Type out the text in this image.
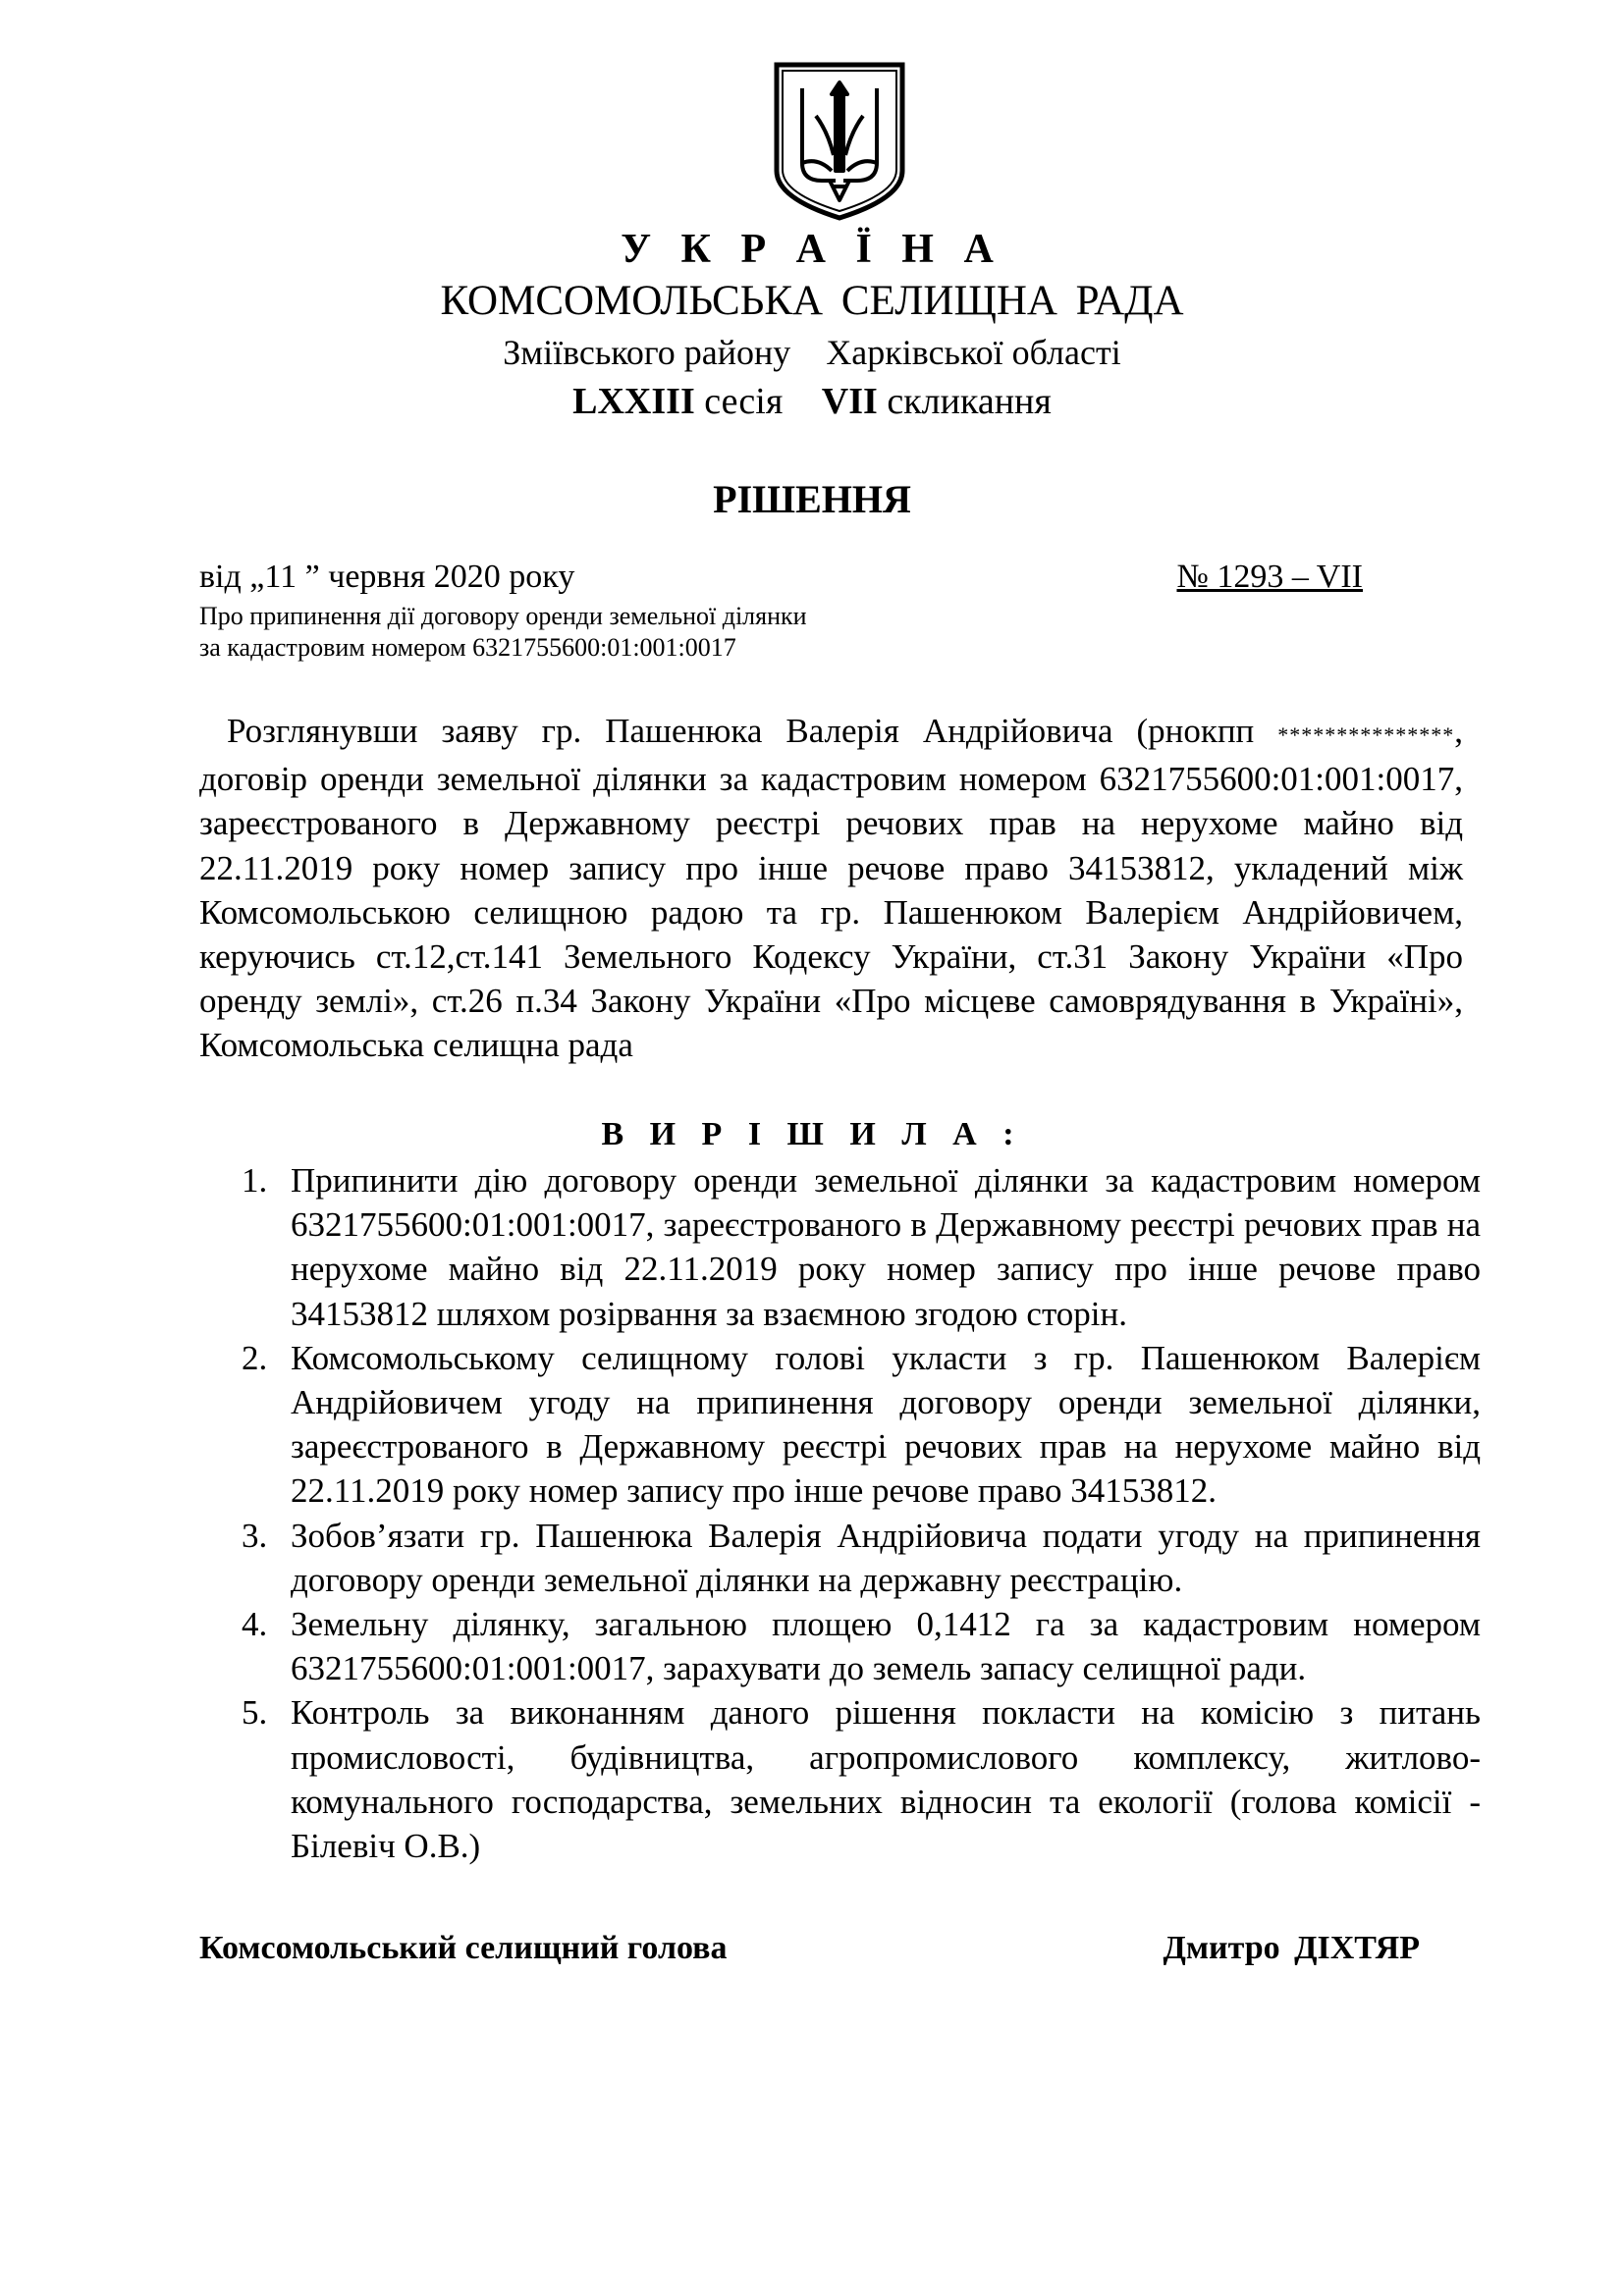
У К Р А Ї Н А
КОМСОМОЛЬСЬКА СЕЛИЩНА РАДА
Зміївського району Харківської області
LXXIII сесія VII скликання
РІШЕННЯ
від „11 ” червня 2020 року	№ 1293 – VII
Про припинення дії договору оренди земельної ділянки
за кадастровим номером 6321755600:01:001:0017

Розглянувши заяву гр. Пашенюка Валерія Андрійовича (рнокпп ***************, договір оренди земельної ділянки за кадастровим номером 6321755600:01:001:0017, зареєстрованого в Державному реєстрі речових прав на нерухоме майно від 22.11.2019 року номер запису про інше речове право 34153812, укладений між Комсомольською селищною радою та гр. Пашенюком Валерієм Андрійовичем, керуючись ст.12,ст.141 Земельного Кодексу України, ст.31 Закону України «Про оренду землі», ст.26 п.34 Закону України «Про місцеве самоврядування в Україні», Комсомольська селищна рада

В И Р І Ш И Л А :
1. Припинити дію договору оренди земельної ділянки за кадастровим номером 6321755600:01:001:0017, зареєстрованого в Державному реєстрі речових прав на нерухоме майно від 22.11.2019 року номер запису про інше речове право 34153812 шляхом розірвання за взаємною згодою сторін.
2. Комсомольському селищному голові укласти з гр. Пашенюком Валерієм Андрійовичем угоду на припинення договору оренди земельної ділянки, зареєстрованого в Державному реєстрі речових прав на нерухоме майно від 22.11.2019 року номер запису про інше речове право 34153812.
3. Зобов’язати гр. Пашенюка Валерія Андрійовича подати угоду на припинення договору оренди земельної ділянки на державну реєстрацію.
4. Земельну ділянку, загальною площею 0,1412 га за кадастровим номером 6321755600:01:001:0017, зарахувати до земель запасу селищної ради.
5. Контроль за виконанням даного рішення покласти на комісію з питань промисловості, будівництва, агропромислового комплексу, житлово-комунального господарства, земельних відносин та екології (голова комісії - Білевіч О.В.)
Комсомольський селищний голова	Дмитро ДІХТЯР
